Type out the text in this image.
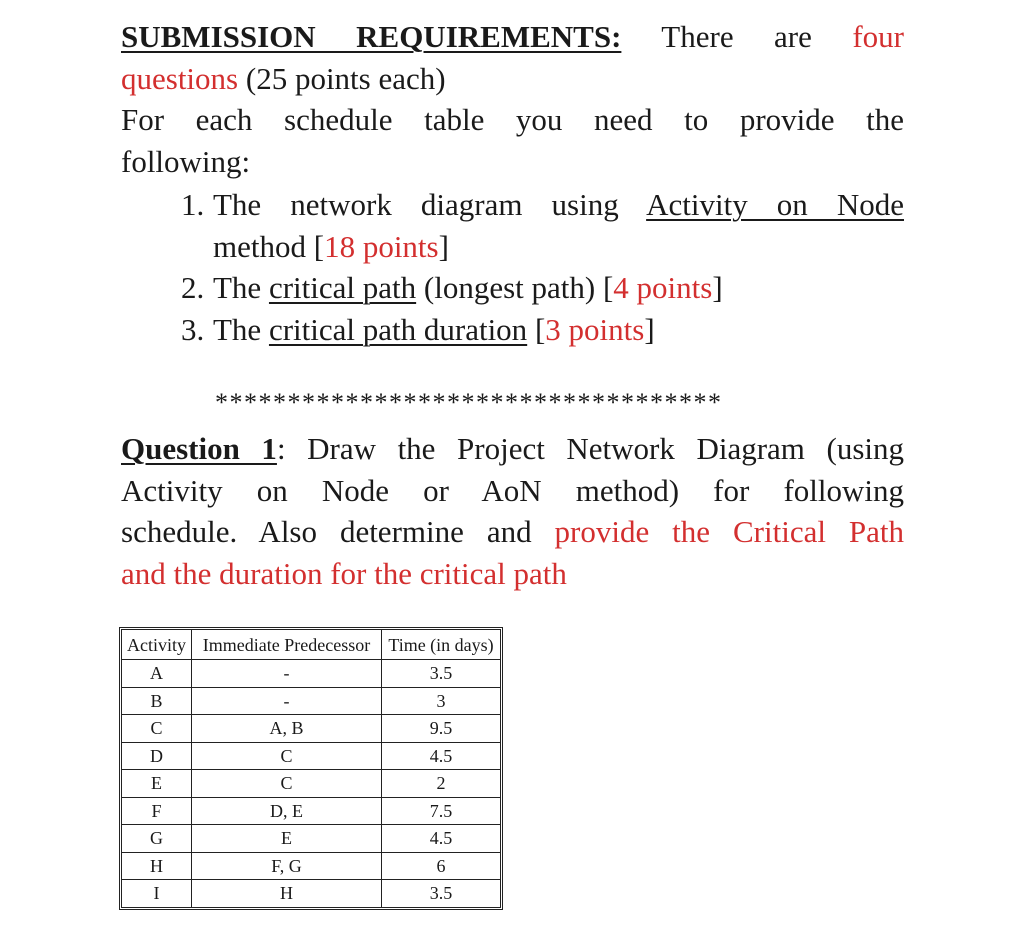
SUBMISSION REQUIREMENTS: There are four
questions (25 points each)
For each schedule table you need to provide the
following:
1. The network diagram using Activity on Node
method [18 points]
2. The critical path (longest path) [4 points]
3. The critical path duration [3 points]
***********************************
Question 1: Draw the Project Network Diagram (using
Activity on Node or AoN method) for following
schedule. Also determine and provide the Critical Path
and the duration for the critical path
Activity	Immediate Predecessor	Time (in days)
A	-	3.5
B	-	3
C	A, B	9.5
D	C	4.5
E	C	2
F	D, E	7.5
G	E	4.5
H	F, G	6
I	H	3.5
